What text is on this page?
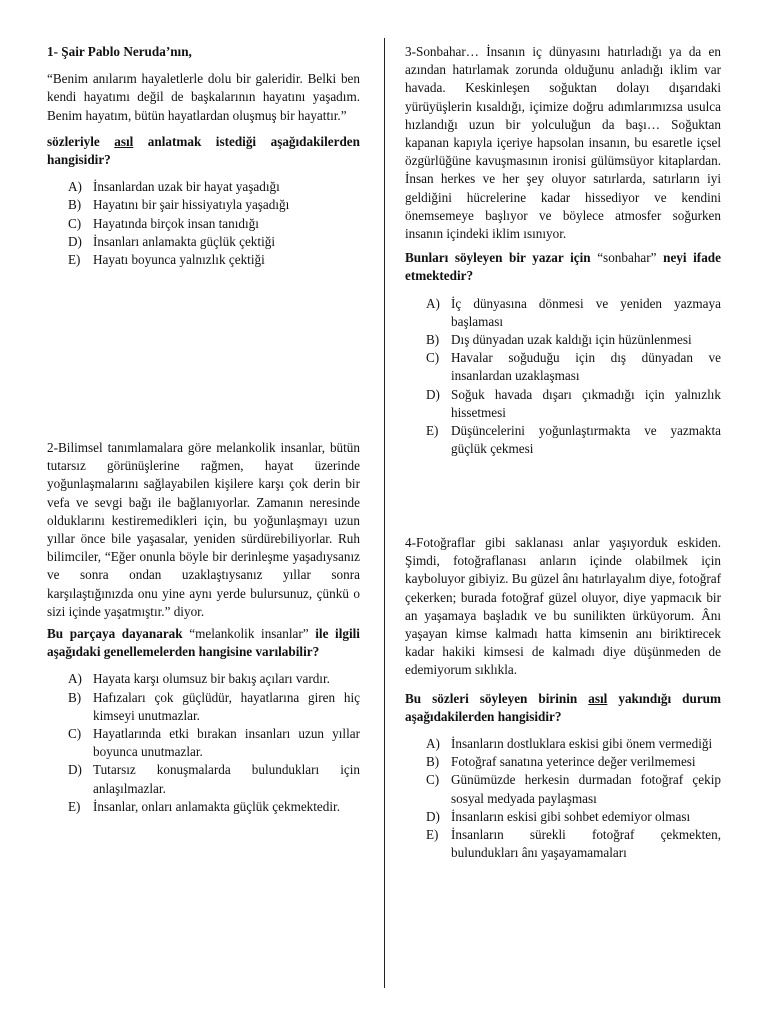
1- Şair Pablo Neruda’nın,

“Benim anılarım hayaletlerle dolu bir galeridir. Belki ben kendi hayatımı değil de başkalarının hayatını yaşadım. Benim hayatım, bütün hayatlardan oluşmuş bir hayattır.”

sözleriyle asıl anlatmak istediği aşağıdakilerden hangisidir?

A) İnsanlardan uzak bir hayat yaşadığı
B) Hayatını bir şair hissiyatıyla yaşadığı
C) Hayatında birçok insan tanıdığı
D) İnsanları anlamakta güçlük çektiği
E) Hayatı boyunca yalnızlık çektiği

2-Bilimsel tanımlamalara göre melankolik insanlar, bütün tutarsız görünüşlerine rağmen, hayat üzerinde yoğunlaşmalarını sağlayabilen kişilere karşı çok derin bir vefa ve sevgi bağı ile bağlanıyorlar. Zamanın neresinde olduklarını kestiremedikleri için, bu yoğunlaşmayı uzun yıllar önce bile yaşasalar, yeniden sürdürebiliyorlar. Ruh bilimciler, “Eğer onunla böyle bir derinleşme yaşadıysanız ve sonra ondan uzaklaştıysanız yıllar sonra karşılaştığınızda onu yine aynı yerde bulursunuz, çünkü o sizi içinde yaşatmıştır.” diyor.

Bu parçaya dayanarak “melankolik insanlar” ile ilgili aşağıdaki genellemelerden hangisine varılabilir?

A) Hayata karşı olumsuz bir bakış açıları vardır.
B) Hafızaları çok güçlüdür, hayatlarına giren hiç kimseyi unutmazlar.
C) Hayatlarında etki bırakan insanları uzun yıllar boyunca unutmazlar.
D) Tutarsız konuşmalarda bulundukları için anlaşılmazlar.
E) İnsanlar, onları anlamakta güçlük çekmektedir.

3-Sonbahar… İnsanın iç dünyasını hatırladığı ya da en azından hatırlamak zorunda olduğunu anladığı iklim var havada. Keskinleşen soğuktan dolayı dışarıdaki yürüyüşlerin kısaldığı, içimize doğru adımlarımızsa usulca hızlandığı uzun bir yolculuğun da başı… Soğuktan kapanan kapıyla içeriye hapsolan insanın, bu esaretle içsel özgürlüğüne kavuşmasının ironisi gülümsüyor kitaplardan. İnsan herkes ve her şey oluyor satırlarda, satırların iyi geldiğini hücrelerine kadar hissediyor ve kendini önemsemeye başlıyor ve böylece atmosfer soğurken insanın içindeki iklim ısınıyor.

Bunları söyleyen bir yazar için “sonbahar” neyi ifade etmektedir?

A) İç dünyasına dönmesi ve yeniden yazmaya başlaması
B) Dış dünyadan uzak kaldığı için hüzünlenmesi
C) Havalar soğuduğu için dış dünyadan ve insanlardan uzaklaşması
D) Soğuk havada dışarı çıkmadığı için yalnızlık hissetmesi
E) Düşüncelerini yoğunlaştırmakta ve yazmakta güçlük çekmesi

4-Fotoğraflar gibi saklanası anlar yaşıyorduk eskiden. Şimdi, fotoğraflanası anların içinde olabilmek için kayboluyor gibiyiz. Bu güzel ânı hatırlayalım diye, fotoğraf çekerken; burada fotoğraf güzel oluyor, diye yapmacık bir an yaşamaya başladık ve bu sunilikten ürküyorum. Ânı yaşayan kimse kalmadı hatta kimsenin anı biriktirecek kadar hakiki kimsesi de kalmadı diye düşünmeden de edemiyorum sıklıkla.

Bu sözleri söyleyen birinin asıl yakındığı durum aşağıdakilerden hangisidir?

A) İnsanların dostluklara eskisi gibi önem vermediği
B) Fotoğraf sanatına yeterince değer verilmemesi
C) Günümüzde herkesin durmadan fotoğraf çekip sosyal medyada paylaşması
D) İnsanların eskisi gibi sohbet edemiyor olması
E) İnsanların sürekli fotoğraf çekmekten, bulundukları ânı yaşayamamaları
